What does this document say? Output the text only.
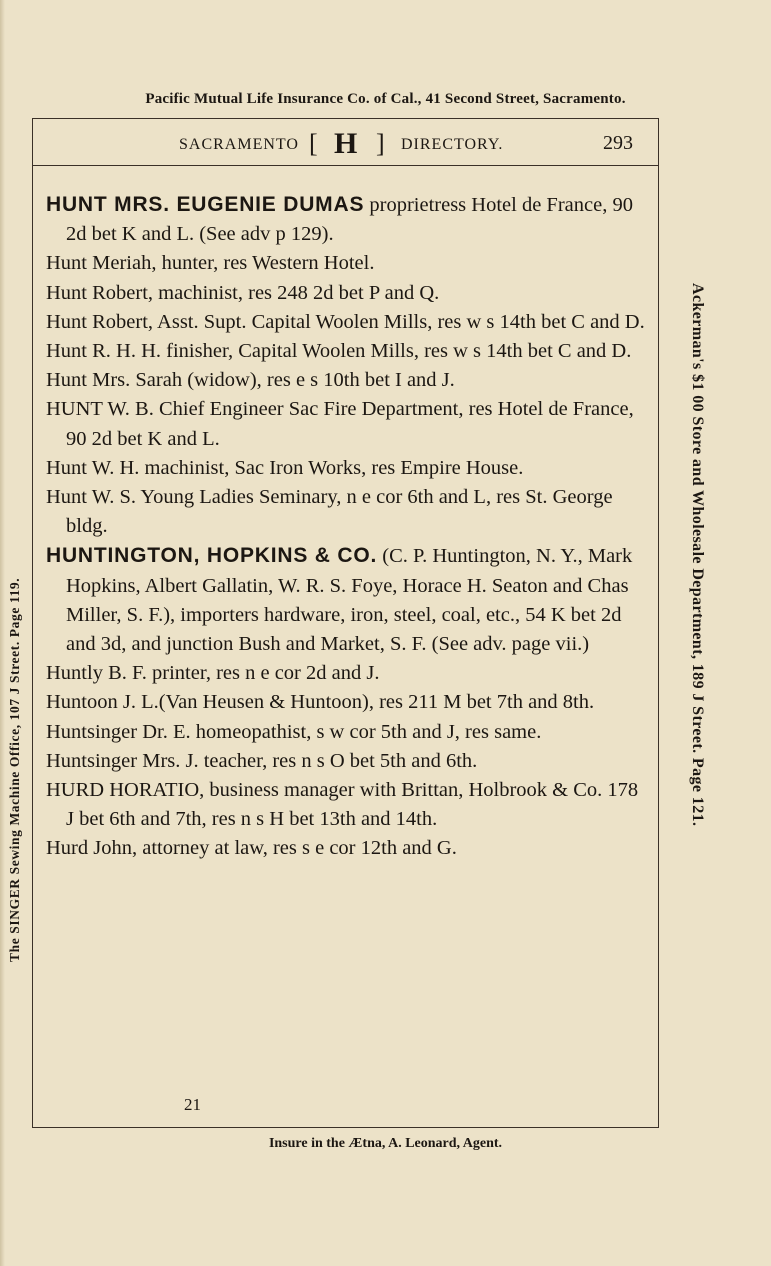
Pacific Mutual Life Insurance Co. of Cal., 41 Second Street, Sacramento.
The SINGER Sewing Machine Office, 107 J Street. Page 119.	Ackerman's $1 00 Store and Wholesale Department, 189 J Street. Page 121.
SACRAMENTO [ H ] DIRECTORY.	293

HUNT MRS. EUGENIE DUMAS proprietress Hotel de France, 90 2d bet K and L. (See adv p 129).

Hunt Meriah, hunter, res Western Hotel.

Hunt Robert, machinist, res 248 2d bet P and Q.

Hunt Robert, Asst. Supt. Capital Woolen Mills, res w s 14th bet C and D.

Hunt R. H. H. finisher, Capital Woolen Mills, res w s 14th bet C and D.

Hunt Mrs. Sarah (widow), res e s 10th bet I and J.

HUNT W. B. Chief Engineer Sac Fire Department, res Hotel de France, 90 2d bet K and L.

Hunt W. H. machinist, Sac Iron Works, res Empire House.

Hunt W. S. Young Ladies Seminary, n e cor 6th and L, res St. George bldg.

HUNTINGTON, HOPKINS & CO. (C. P. Huntington, N. Y., Mark Hopkins, Albert Gallatin, W. R. S. Foye, Horace H. Seaton and Chas Miller, S. F.), importers hardware, iron, steel, coal, etc., 54 K bet 2d and 3d, and junction Bush and Market, S. F. (See adv. page vii.)

Huntly B. F. printer, res n e cor 2d and J.

Huntoon J. L.(Van Heusen & Huntoon), res 211 M bet 7th and 8th.

Huntsinger Dr. E. homeopathist, s w cor 5th and J, res same.

Huntsinger Mrs. J. teacher, res n s O bet 5th and 6th.

HURD HORATIO, business manager with Brittan, Holbrook & Co. 178 J bet 6th and 7th, res n s H bet 13th and 14th.

Hurd John, attorney at law, res s e cor 12th and G.

21
Insure in the Ætna, A. Leonard, Agent.
